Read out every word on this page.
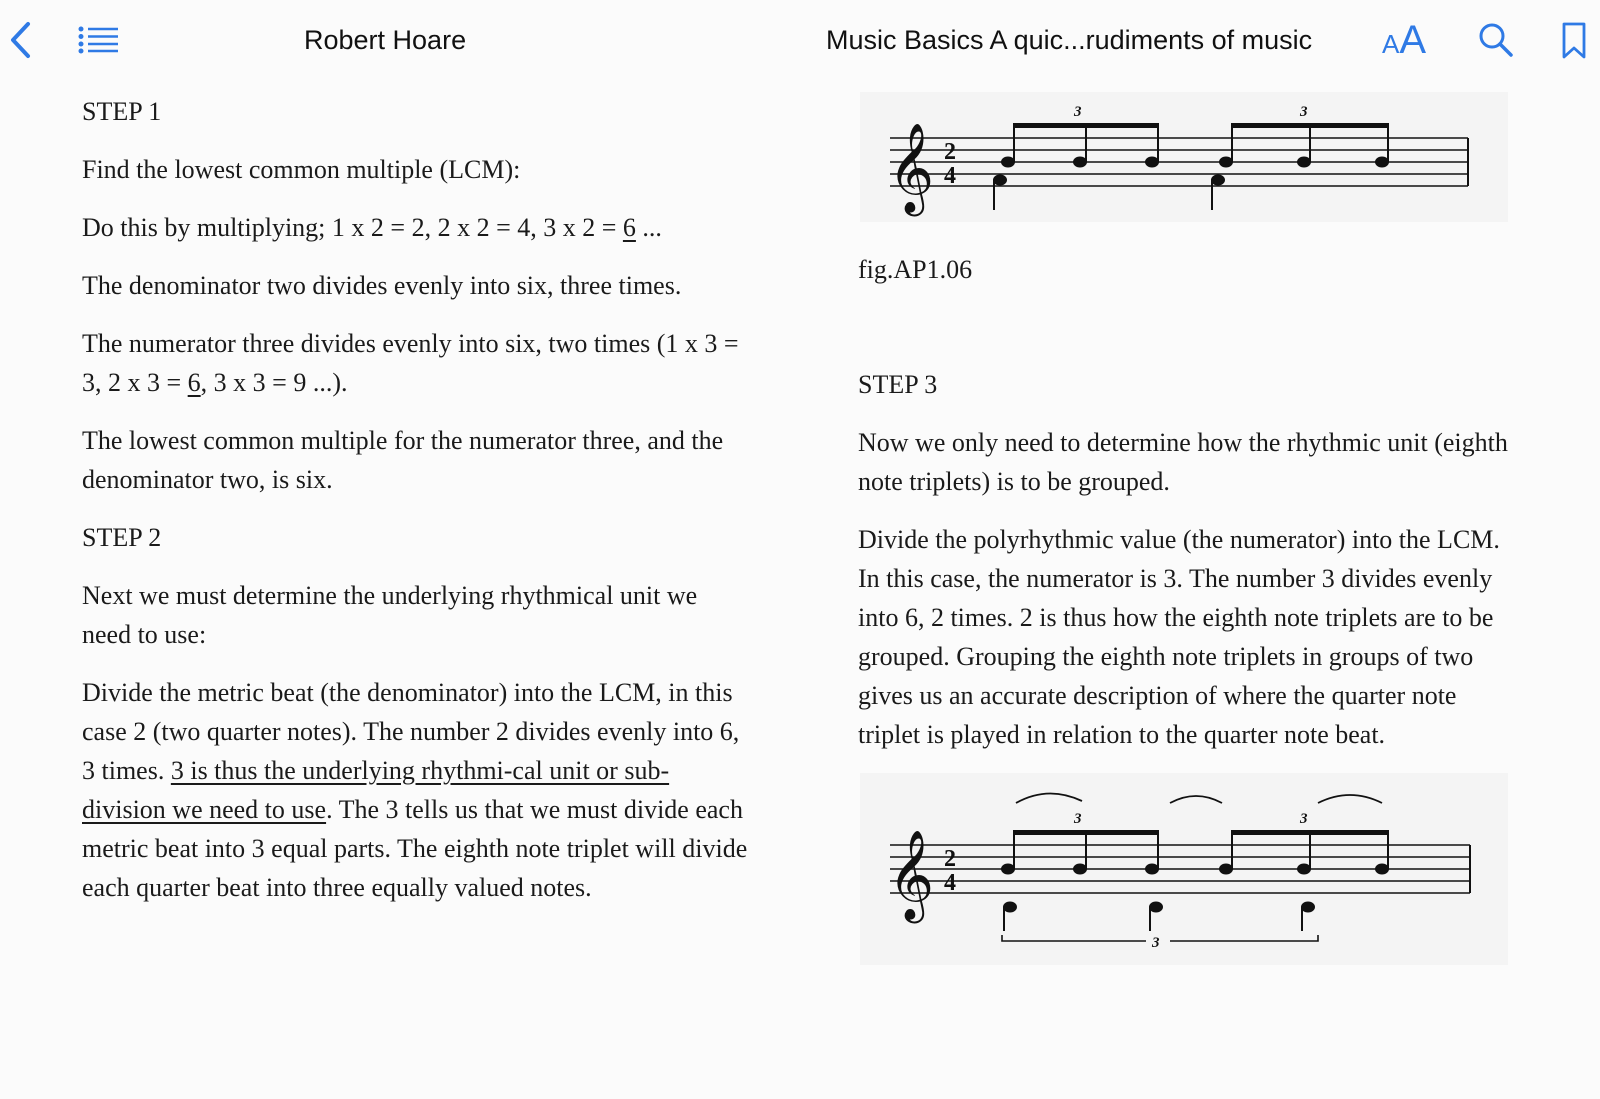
Robert Hoare	Music Basics A quic...rudiments of music	AA

STEP 1

Find the lowest common multiple (LCM):

Do this by multiplying; 1 x 2 = 2, 2 x 2 = 4, 3 x 2 = 6 ...

The denominator two divides evenly into six, three times.

The numerator three divides evenly into six, two times (1 x 3 = 3, 2 x 3 = 6, 3 x 3 = 9 ...).

The lowest common multiple for the numerator three, and the denominator two, is six.

STEP 2

Next we must determine the underlying rhythmical unit we need to use:

Divide the metric beat (the denominator) into the LCM, in this case 2 (two quarter notes). The number 2 divides evenly into 6, 3 times. 3 is thus the underlying rhythmi-cal unit or sub-division we need to use. The 3 tells us that we must divide each metric beat into 3 equal parts. The eighth note triplet will divide each quarter beat into three equally valued notes.

𝄞 2
4
3	3

fig.AP1.06

STEP 3

Now we only need to determine how the rhythmic unit (eighth note triplets) is to be grouped.

Divide the polyrhythmic value (the numerator) into the LCM. In this case, the numerator is 3. The number 3 divides evenly into 6, 2 times. 2 is thus how the eighth note triplets are to be grouped. Grouping the eighth note triplets in groups of two gives us an accurate description of where the quarter note triplet is played in relation to the quarter note beat.

𝄞 2
4
3	3
3
